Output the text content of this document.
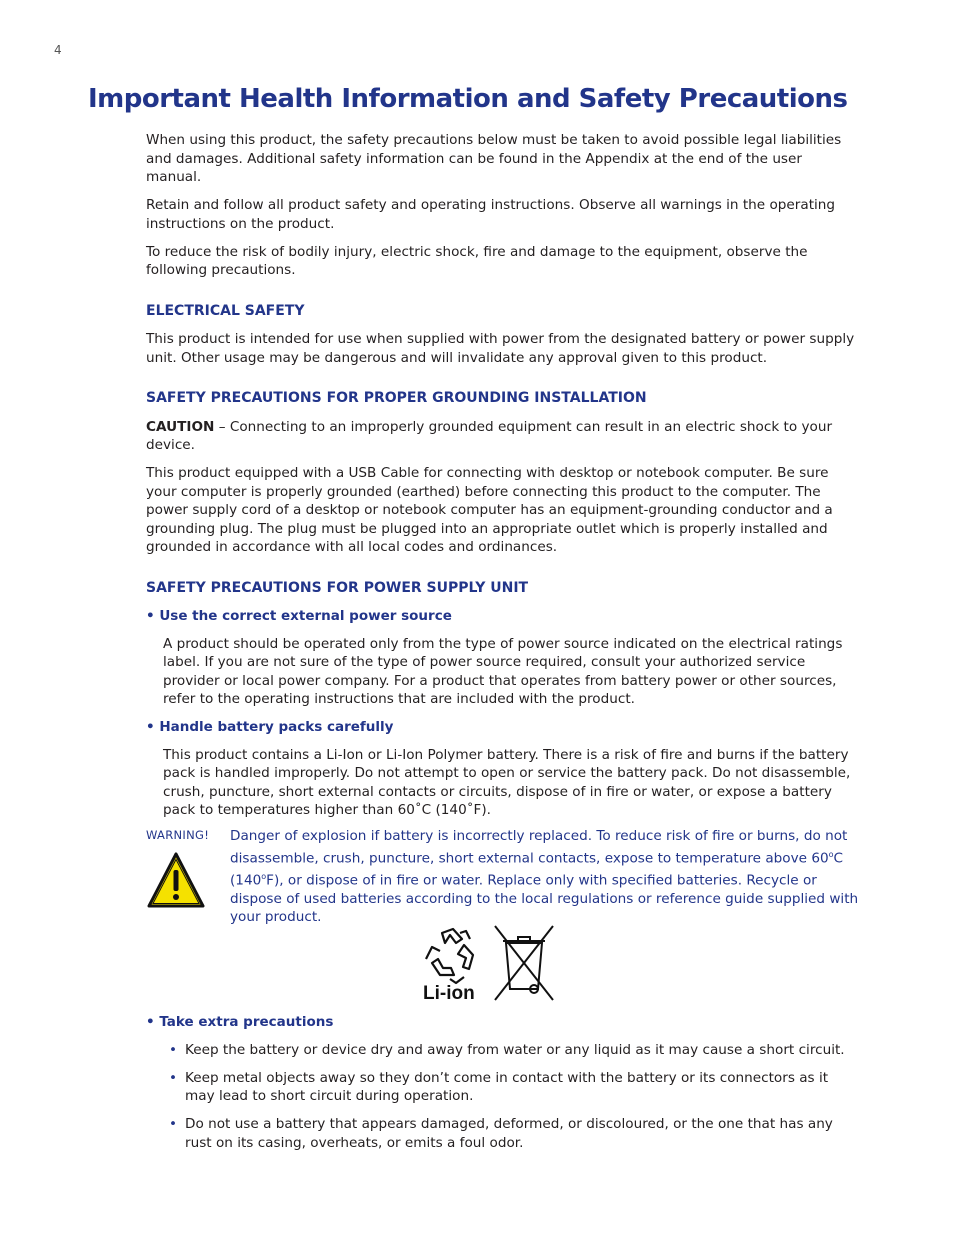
4
Important Health Information and Safety Precautions

When using this product, the safety precautions below must be taken to avoid possible legal liabilities and damages. Additional safety information can be found in the Appendix at the end of the user manual.

Retain and follow all product safety and operating instructions. Observe all warnings in the operating instructions on the product.

To reduce the risk of bodily injury, electric shock, fire and damage to the equipment, observe the following precautions.

ELECTRICAL SAFETY

This product is intended for use when supplied with power from the designated battery or power supply unit. Other usage may be dangerous and will invalidate any approval given to this product.

SAFETY PRECAUTIONS FOR PROPER GROUNDING INSTALLATION

CAUTION – Connecting to an improperly grounded equipment can result in an electric shock to your device.

This product equipped with a USB Cable for connecting with desktop or notebook computer. Be sure your computer is properly grounded (earthed) before connecting this product to the computer. The power supply cord of a desktop or notebook computer has an equipment-grounding conductor and a grounding plug. The plug must be plugged into an appropriate outlet which is properly installed and grounded in accordance with all local codes and ordinances.

SAFETY PRECAUTIONS FOR POWER SUPPLY UNIT
• Use the correct external power source

A product should be operated only from the type of power source indicated on the electrical ratings label. If you are not sure of the type of power source required, consult your authorized service provider or local power company. For a product that operates from battery power or other sources, refer to the operating instructions that are included with the product.

• Handle battery packs carefully

This product contains a Li-Ion or Li-Ion Polymer battery. There is a risk of fire and burns if the battery pack is handled improperly. Do not attempt to open or service the battery pack. Do not disassemble, crush, puncture, short external contacts or circuits, dispose of in fire or water, or expose a battery pack to temperatures higher than 60˚C (140˚F).

WARNING! Danger of explosion if battery is incorrectly replaced. To reduce risk of fire or burns, do not disassemble, crush, puncture, short external contacts, expose to temperature above 60$^o$C (140$^o$F), or dispose of in fire or water. Replace only with specified batteries. Recycle or dispose of used batteries according to the local regulations or reference guide supplied with your product.
Li-ion
• Take extra precautions
• Keep the battery or device dry and away from water or any liquid as it may cause a short circuit.
• Keep metal objects away so they don’t come in contact with the battery or its connectors as it may lead to short circuit during operation.
• Do not use a battery that appears damaged, deformed, or discoloured, or the one that has any rust on its casing, overheats, or emits a foul odor.
